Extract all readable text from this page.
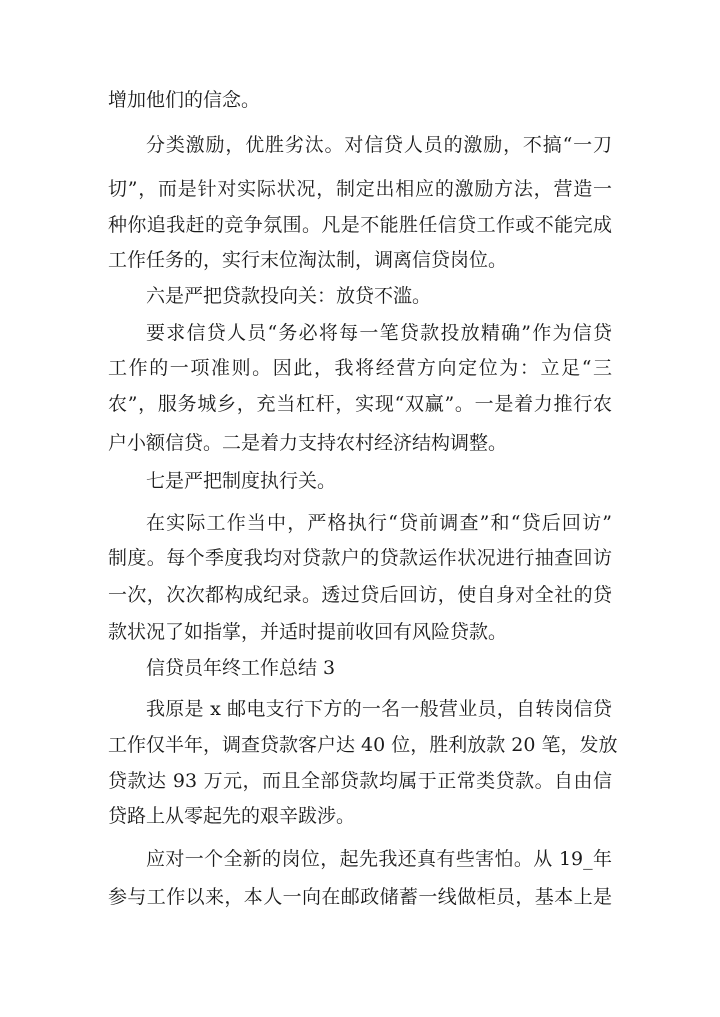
增加他们的信念。
分类激励，优胜劣汰。对信贷人员的激励，不搞“一刀
切”，而是针对实际状况，制定出相应的激励方法，营造一
种你追我赶的竞争氛围。凡是不能胜任信贷工作或不能完成
工作任务的，实行末位淘汰制，调离信贷岗位。
六是严把贷款投向关：放贷不滥。
要求信贷人员“务必将每一笔贷款投放精确”作为信贷
工作的一项准则。因此，我将经营方向定位为：立足“三
农”，服务城乡，充当杠杆，实现“双赢”。一是着力推行农
户小额信贷。二是着力支持农村经济结构调整。
七是严把制度执行关。
在实际工作当中，严格执行“贷前调查”和“贷后回访”
制度。每个季度我均对贷款户的贷款运作状况进行抽查回访
一次，次次都构成纪录。透过贷后回访，使自身对全社的贷
款状况了如指掌，并适时提前收回有风险贷款。
信贷员年终工作总结 3
我原是 x 邮电支行下方的一名一般营业员，自转岗信贷
工作仅半年，调查贷款客户达 40 位，胜利放款 20 笔，发放
贷款达 93 万元，而且全部贷款均属于正常类贷款。自由信
贷路上从零起先的艰辛跋涉。
应对一个全新的岗位，起先我还真有些害怕。从 19_年
参与工作以来，本人一向在邮政储蓄一线做柜员，基本上是
